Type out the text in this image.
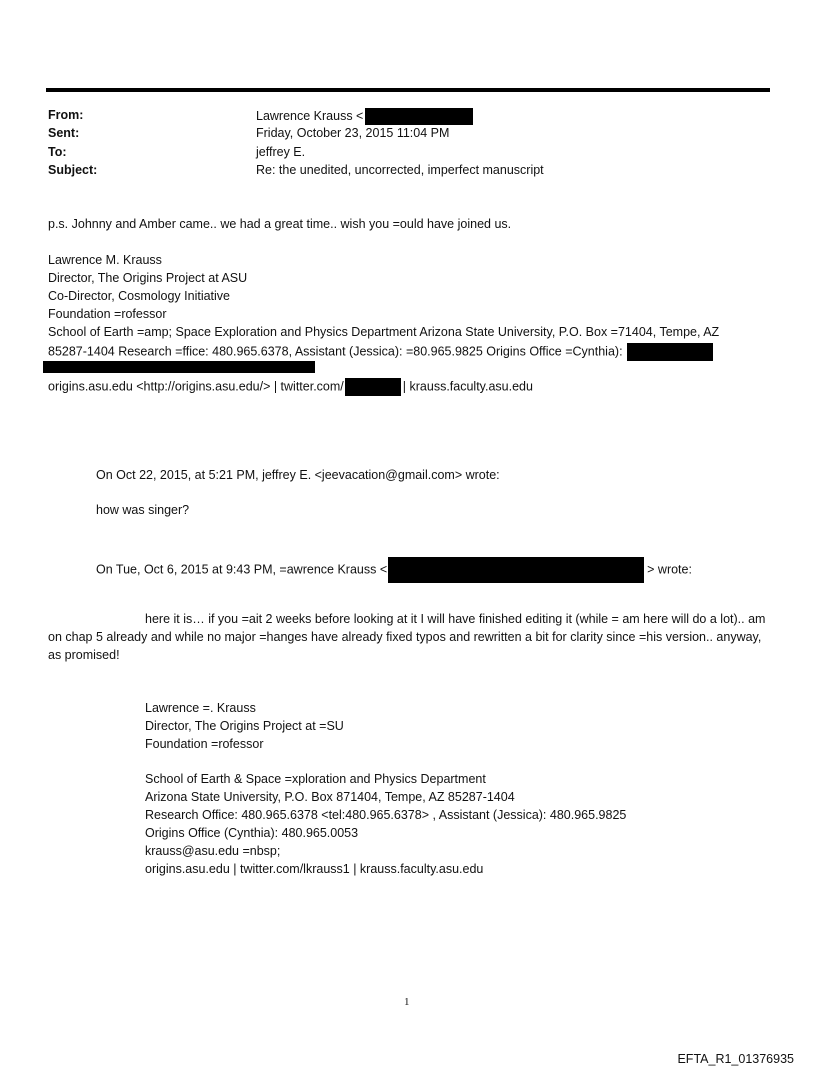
From:	Lawrence Krauss <
Sent:	Friday, October 23, 2015 11:04 PM
To:	jeffrey E.
Subject:	Re: the unedited, uncorrected, imperfect manuscript
p.s. Johnny and Amber came.. we had a great time.. wish you =ould have joined us.
Lawrence M. Krauss
Director, The Origins Project at ASU
Co-Director, Cosmology Initiative
Foundation =rofessor
School of Earth =amp; Space Exploration and Physics Department Arizona State University, P.O. Box =71404, Tempe, AZ
85287-1404 Research =ffice: 480.965.6378, Assistant (Jessica): =80.965.9825 Origins Office =Cynthia):
origins.asu.edu <http://origins.asu.edu/> | twitter.com/	| krauss.faculty.asu.edu
On Oct 22, 2015, at 5:21 PM, jeffrey E. <jeevacation@gmail.com> wrote:
how was singer?
On Tue, Oct 6, 2015 at 9:43 PM, =awrence Krauss <	> wrote:
here it is… if you =ait 2 weeks before looking at it I will have finished editing it (while = am here will do a lot).. am on chap 5 already and while no major =hanges have already fixed typos and rewritten a bit for clarity since =his version.. anyway, as promised!
Lawrence =. Krauss
Director, The Origins Project at =SU
Foundation =rofessor
School of Earth & Space =xploration and Physics Department
Arizona State University, P.O. Box 871404, Tempe, AZ 85287-1404
Research Office: 480.965.6378 <tel:480.965.6378> , Assistant (Jessica): 480.965.9825
Origins Office (Cynthia): 480.965.0053
krauss@asu.edu =nbsp;
origins.asu.edu | twitter.com/lkrauss1 | krauss.faculty.asu.edu
1
EFTA_R1_01376935
